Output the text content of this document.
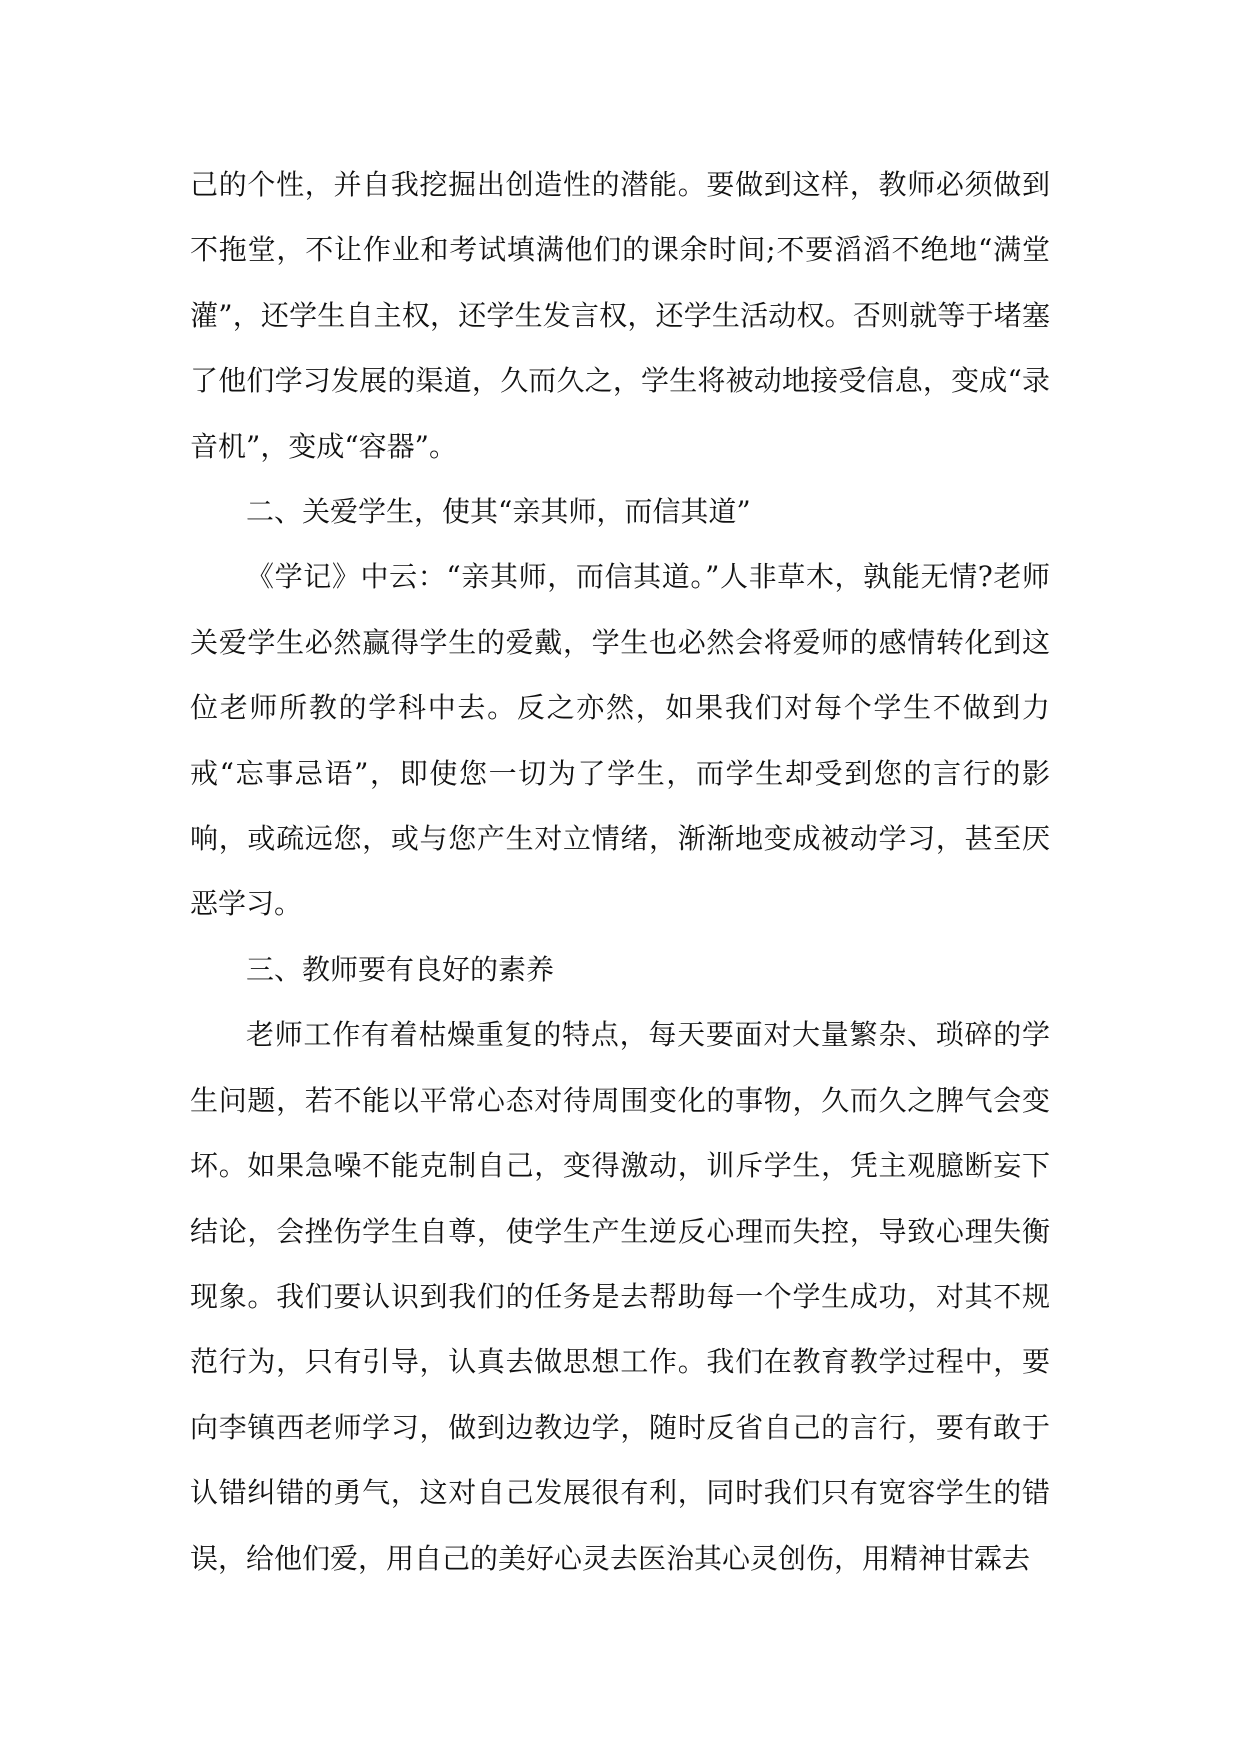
己的个性，并自我挖掘出创造性的潜能。要做到这样，教师必须做到不拖堂，不让作业和考试填满他们的课余时间;不要滔滔不绝地“满堂灌”，还学生自主权，还学生发言权，还学生活动权。否则就等于堵塞了他们学习发展的渠道，久而久之，学生将被动地接受信息，变成“录音机”，变成“容器”。

二、关爱学生，使其“亲其师，而信其道”

《学记》中云：“亲其师，而信其道。”人非草木，孰能无情?老师关爱学生必然赢得学生的爱戴，学生也必然会将爱师的感情转化到这位老师所教的学科中去。反之亦然，如果我们对每个学生不做到力戒“忘事忌语”，即使您一切为了学生，而学生却受到您的言行的影响，或疏远您，或与您产生对立情绪，渐渐地变成被动学习，甚至厌恶学习。

三、教师要有良好的素养

老师工作有着枯燥重复的特点，每天要面对大量繁杂、琐碎的学生问题，若不能以平常心态对待周围变化的事物，久而久之脾气会变坏。如果急噪不能克制自己，变得激动，训斥学生，凭主观臆断妄下结论，会挫伤学生自尊，使学生产生逆反心理而失控，导致心理失衡现象。我们要认识到我们的任务是去帮助每一个学生成功，对其不规范行为，只有引导，认真去做思想工作。我们在教育教学过程中，要向李镇西老师学习，做到边教边学，随时反省自己的言行，要有敢于认错纠错的勇气，这对自己发展很有利，同时我们只有宽容学生的错误，给他们爱，用自己的美好心灵去医治其心灵创伤，用精神甘霖去
